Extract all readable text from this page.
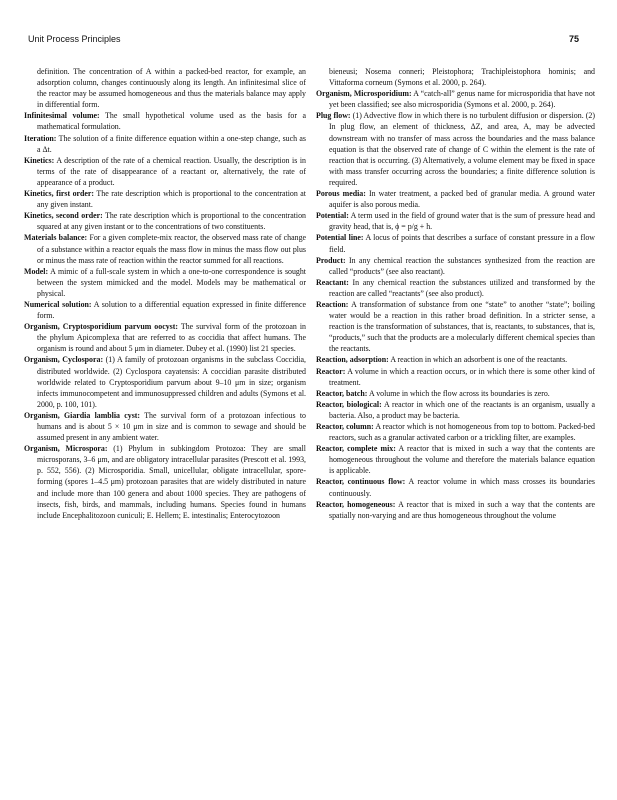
Unit Process Principles	75

definition. The concentration of A within a packed-bed reactor, for example, an adsorption column, changes continuously along its length. An infinitesimal slice of the reactor may be assumed homogeneous and thus the materials balance may apply in differential form.

Infinitesimal volume: The small hypothetical volume used as the basis for a mathematical formulation.

Iteration: The solution of a finite difference equation within a one-step change, such as a Δt.

Kinetics: A description of the rate of a chemical reaction. Usually, the description is in terms of the rate of disappearance of a reactant or, alternatively, the rate of appearance of a product.

Kinetics, first order: The rate description which is proportional to the concentration at any given instant.

Kinetics, second order: The rate description which is proportional to the concentration squared at any given instant or to the concentrations of two constituents.

Materials balance: For a given complete-mix reactor, the observed mass rate of change of a substance within a reactor equals the mass flow in minus the mass flow out plus or minus the mass rate of reaction within the reactor summed for all reactions.

Model: A mimic of a full-scale system in which a one-to-one correspondence is sought between the system mimicked and the model. Models may be mathematical or physical.

Numerical solution: A solution to a differential equation expressed in finite difference form.

Organism, Cryptosporidium parvum oocyst: The survival form of the protozoan in the phylum Apicomplexa that are referred to as coccidia that affect humans. The organism is round and about 5 μm in diameter. Dubey et al. (1990) list 21 species.

Organism, Cyclospora: (1) A family of protozoan organisms in the subclass Coccidia, distributed worldwide. (2) Cyclospora cayatensis: A coccidian parasite distributed worldwide related to Cryptosporidium parvum about 9–10 μm in size; organism infects immunocompetent and immunosuppressed children and adults (Symons et al. 2000, p. 100, 101).

Organism, Giardia lamblia cyst: The survival form of a protozoan infectious to humans and is about 5 × 10 μm in size and is common to sewage and should be assumed present in any ambient water.

Organism, Microspora: (1) Phylum in subkingdom Protozoa: They are small microsporans, 3–6 μm, and are obligatory intracellular parasites (Prescott et al. 1993, p. 552, 556). (2) Microsporidia. Small, unicellular, obligate intracellular, spore-forming (spores 1–4.5 μm) protozoan parasites that are widely distributed in nature and include more than 100 genera and about 1000 species. They are pathogens of insects, fish, birds, and mammals, including humans. Species found in humans include Encephalitozoon cuniculi; E. Hellem; E. intestinalis; Enterocytozoon

bieneusi; Nosema conneri; Pleistophora; Trachipleistophora hominis; and Vittaforma corneum (Symons et al. 2000, p. 264).

Organism, Microsporidium: A “catch-all” genus name for microsporidia that have not yet been classified; see also microsporidia (Symons et al. 2000, p. 264).

Plug flow: (1) Advective flow in which there is no turbulent diffusion or dispersion. (2) In plug flow, an element of thickness, ΔZ, and area, A, may be advected downstream with no transfer of mass across the boundaries and the mass balance equation is that the observed rate of change of C within the element is the rate of reaction that is occurring. (3) Alternatively, a volume element may be fixed in space with mass transfer occurring across the boundaries; a finite difference solution is required.

Porous media: In water treatment, a packed bed of granular media. A ground water aquifer is also porous media.

Potential: A term used in the field of ground water that is the sum of pressure head and gravity head, that is, ϕ = p/g + h.

Potential line: A locus of points that describes a surface of constant pressure in a flow field.

Product: In any chemical reaction the substances synthesized from the reaction are called “products” (see also reactant).

Reactant: In any chemical reaction the substances utilized and transformed by the reaction are called “reactants” (see also product).

Reaction: A transformation of substance from one “state” to another “state”; boiling water would be a reaction in this rather broad definition. In a stricter sense, a reaction is the transformation of substances, that is, reactants, to substances, that is, “products,” such that the products are a molecularly different chemical species than the reactants.

Reaction, adsorption: A reaction in which an adsorbent is one of the reactants.

Reactor: A volume in which a reaction occurs, or in which there is some other kind of treatment.

Reactor, batch: A volume in which the flow across its boundaries is zero.

Reactor, biological: A reactor in which one of the reactants is an organism, usually a bacteria. Also, a product may be bacteria.

Reactor, column: A reactor which is not homogeneous from top to bottom. Packed-bed reactors, such as a granular activated carbon or a trickling filter, are examples.

Reactor, complete mix: A reactor that is mixed in such a way that the contents are homogeneous throughout the volume and therefore the materials balance equation is applicable.

Reactor, continuous flow: A reactor volume in which mass crosses its boundaries continuously.

Reactor, homogeneous: A reactor that is mixed in such a way that the contents are spatially non-varying and are thus homogeneous throughout the volume
